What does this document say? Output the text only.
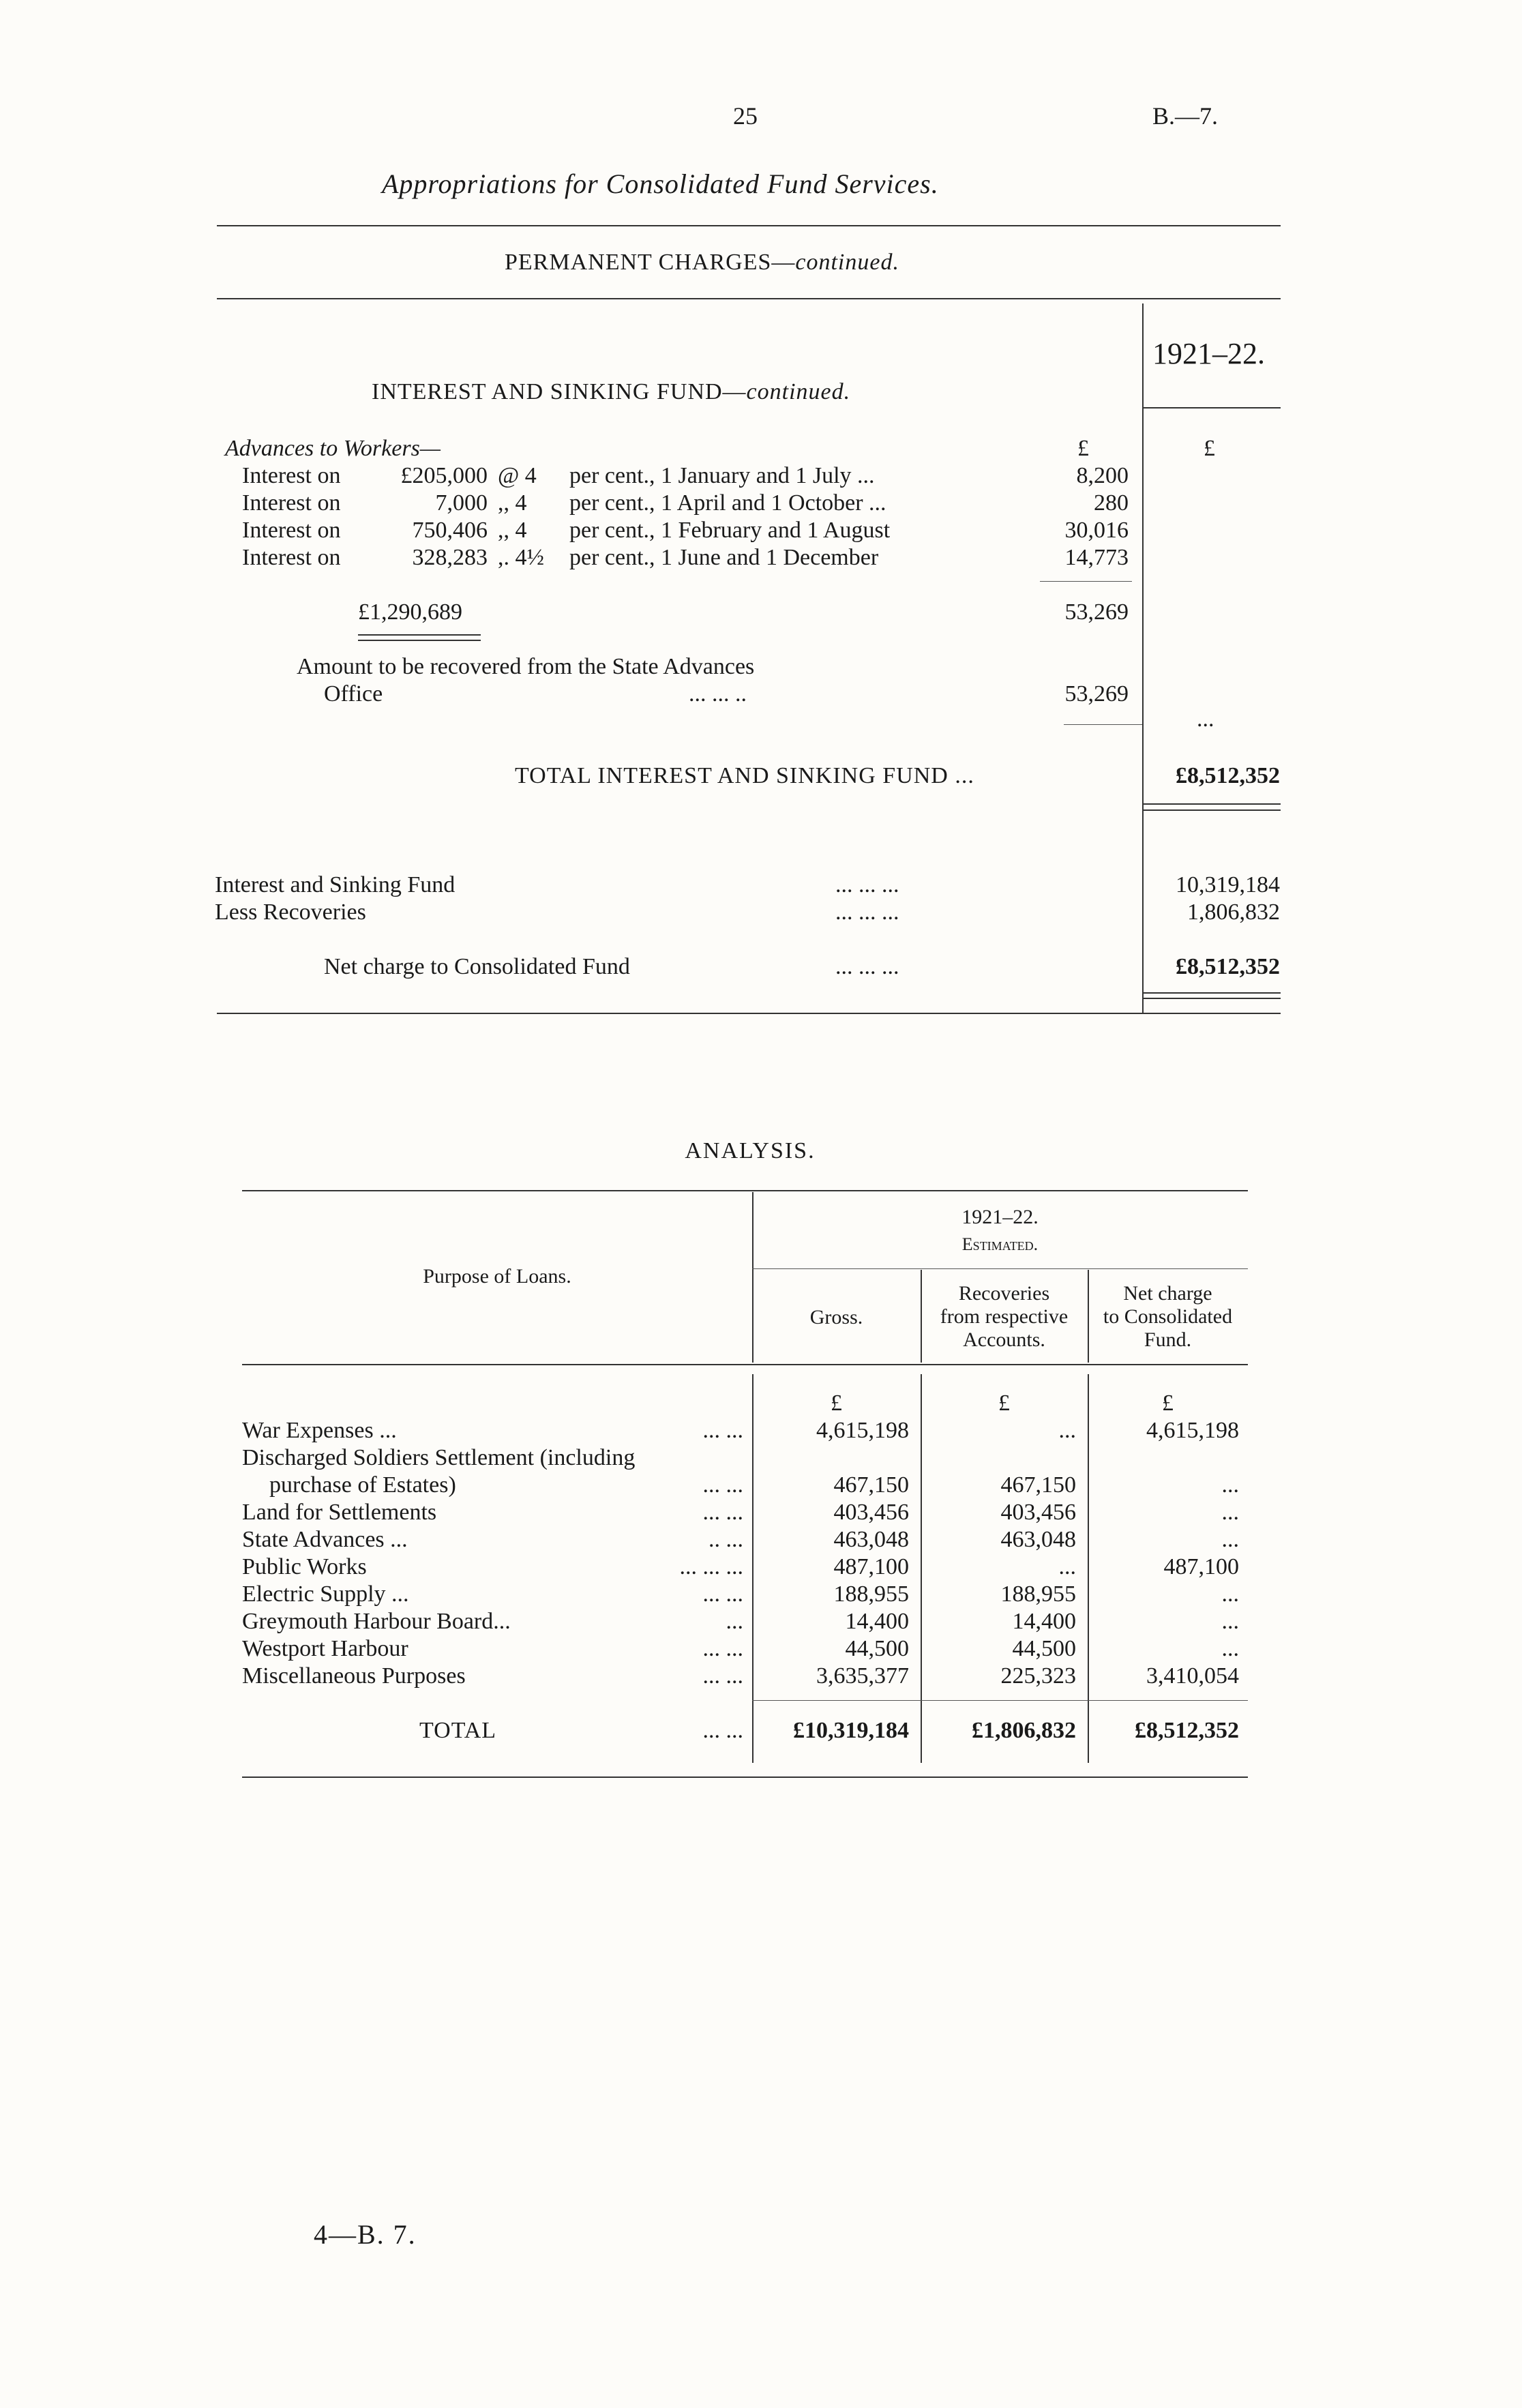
25	B.—7.
Appropriations for Consolidated Fund Services.
PERMANENT CHARGES—continued.
1921–22.
INTEREST AND SINKING FUND—continued.
Advances to Workers—	£	£
Interest on	£205,000 @ 4 per cent., 1 January and 1 July ...	8,200
Interest on	7,000 ,, 4 per cent., 1 April and 1 October ...	280
Interest on	750,406 ,, 4 per cent., 1 February and 1 August	30,016
Interest on	328,283 ,. 4½ per cent., 1 June and 1 December	14,773
£1,290,689	53,269
Amount to be recovered from the State Advances
Office	... ... ..	53,269
...
TOTAL INTEREST AND SINKING FUND ...	£8,512,352
Interest and Sinking Fund	... ... ...	10,319,184
Less Recoveries	... ... ...	1,806,832
Net charge to Consolidated Fund	... ... ...	£8,512,352
ANALYSIS.
Purpose of Loans.
1921–22.
Estimated.
Gross.
Recoveries
from respective
Accounts.
Net charge
to Consolidated
Fund.
£	£	£
War Expenses ...	... ...	4,615,198	...	4,615,198
Discharged Soldiers Settlement (including
purchase of Estates)	... ...	467,150	467,150	...
Land for Settlements	... ...	403,456	403,456	...
State Advances ...	.. ...	463,048	463,048	...
Public Works	... ... ...	487,100	...	487,100
Electric Supply ...	... ...	188,955	188,955	...
Greymouth Harbour Board...	...	14,400	14,400	...
Westport Harbour	... ...	44,500	44,500	...
Miscellaneous Purposes	... ...	3,635,377	225,323	3,410,054
TOTAL	... ...	£10,319,184	£1,806,832	£8,512,352
4—B. 7.
